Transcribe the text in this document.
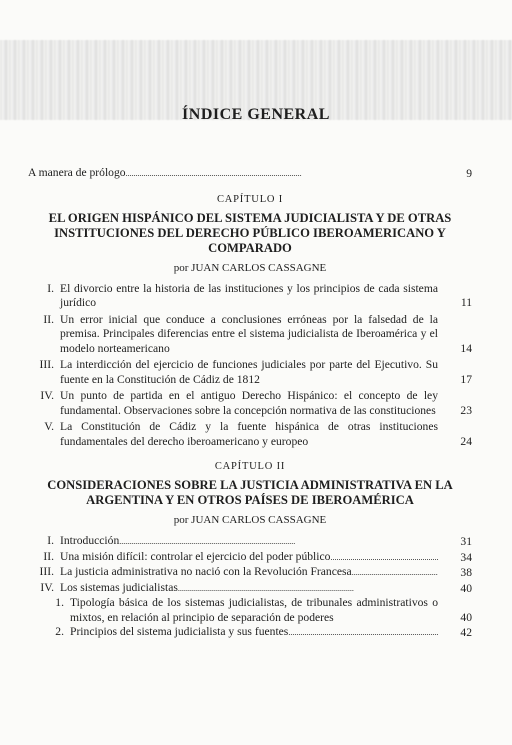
ÍNDICE GENERAL
A manera de prólogo . . .	9
CAPÍTULO I
EL ORIGEN HISPÁNICO DEL SISTEMA JUDICIALISTA Y DE OTRAS INSTITUCIONES DEL DERECHO PÚBLICO IBEROAMERICANO Y COMPARADO
por JUAN CARLOS CASSAGNE
I. El divorcio entre la historia de las instituciones y los principios de cada sistema jurídico	11
II. Un error inicial que conduce a conclusiones erróneas por la falsedad de la premisa. Principales diferencias entre el sistema judicialista de Iberoamérica y el modelo norteamericano	14
III. La interdicción del ejercicio de funciones judiciales por parte del Ejecutivo. Su fuente en la Constitución de Cádiz de 1812	17
IV. Un punto de partida en el antiguo Derecho Hispánico: el concepto de ley fundamental. Observaciones sobre la concepción normativa de las constituciones	23
V. La Constitución de Cádiz y la fuente hispánica de otras instituciones fundamentales del derecho iberoamericano y europeo	24
CAPÍTULO II
CONSIDERACIONES SOBRE LA JUSTICIA ADMINISTRATIVA EN LA ARGENTINA Y EN OTROS PAÍSES DE IBEROAMÉRICA
por JUAN CARLOS CASSAGNE
I. Introducción . . .	31
II. Una misión difícil: controlar el ejercicio del poder público . . .	34
III. La justicia administrativa no nació con la Revolución Francesa . . .	38
IV. Los sistemas judicialistas . . .	40
1. Tipología básica de los sistemas judicialistas, de tribunales administrativos o mixtos, en relación al principio de separación de poderes	40
2. Principios del sistema judicialista y sus fuentes . . .	42
